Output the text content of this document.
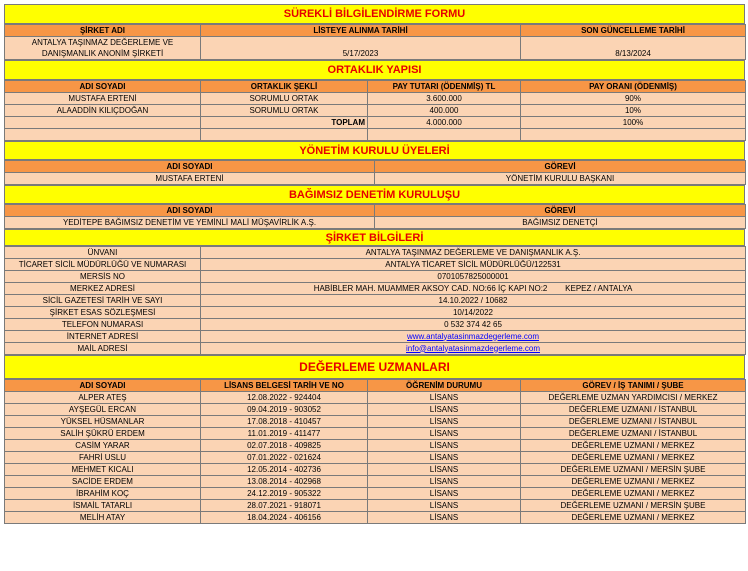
SÜREKLİ BİLGİLENDİRME FORMU
ŞİRKET ADI	LİSTEYE ALINMA TARİHİ	SON GÜNCELLEME TARİHİ
ANTALYA TAŞINMAZ DEĞERLEME VE
DANIŞMANLIK ANONİM ŞİRKETİ	5/17/2023	8/13/2024
ORTAKLIK YAPISI
ADI SOYADI	ORTAKLIK ŞEKLİ	PAY TUTARI (ÖDENMİŞ) TL	PAY ORANI (ÖDENMİŞ)
MUSTAFA ERTENİ	SORUMLU ORTAK	3.600.000	90%
ALAADDİN KILIÇDOĞAN	SORUMLU ORTAK	400.000	10%
	TOPLAM	4.000.000	100%

YÖNETİM KURULU ÜYELERİ
ADI SOYADI	GÖREVİ
MUSTAFA ERTENİ	YÖNETİM KURULU BAŞKANI
BAĞIMSIZ DENETİM KURULUŞU
ADI SOYADI	GÖREVİ
YEDİTEPE BAĞIMSIZ DENETİM VE YEMİNLİ MALİ MÜŞAVİRLİK A.Ş.	BAĞIMSIZ DENETÇİ
ŞİRKET BİLGİLERİ
ÜNVANI	ANTALYA TAŞINMAZ DEĞERLEME VE DANIŞMANLIK A.Ş.
TİCARET SİCİL MÜDÜRLÜĞÜ VE NUMARASI	ANTALYA TİCARET SİCİL MÜDÜRLÜĞÜ/122531
MERSİS NO	0701057825000001
MERKEZ ADRESİ	HABİBLER MAH. MUAMMER AKSOY CAD. NO:66 İÇ KAPI NO:2        KEPEZ / ANTALYA
SİCİL GAZETESİ TARİH VE SAYI	14.10.2022 / 10682
ŞİRKET ESAS SÖZLEŞMESİ	10/14/2022
TELEFON NUMARASI	0 532 374 42 65
İNTERNET ADRESİ	www.antalyatasinmazdegerleme.com
MAİL ADRESİ	info@antalyatasinmazdegerleme.com
DEĞERLEME UZMANLARI
ADI SOYADI	LİSANS BELGESİ TARİH VE NO	ÖĞRENİM DURUMU	GÖREV / İŞ TANIMI / ŞUBE
ALPER ATEŞ	12.08.2022 - 924404	LİSANS	DEĞERLEME UZMAN YARDIMCISI / MERKEZ
AYŞEGÜL ERCAN	09.04.2019 - 903052	LİSANS	DEĞERLEME UZMANI / İSTANBUL
YÜKSEL HÜSMANLAR	17.08.2018 - 410457	LİSANS	DEĞERLEME UZMANI / İSTANBUL
SALİH ŞÜKRÜ ERDEM	11.01.2019 - 411477	LİSANS	DEĞERLEME UZMANI / İSTANBUL
CASİM YARAR	02.07.2018 - 409825	LİSANS	DEĞERLEME UZMANI / MERKEZ
FAHRİ USLU	07.01.2022 - 021624	LİSANS	DEĞERLEME UZMANI / MERKEZ
MEHMET KICALI	12.05.2014 - 402736	LİSANS	DEĞERLEME UZMANI / MERSİN ŞUBE
SACİDE ERDEM	13.08.2014 - 402968	LİSANS	DEĞERLEME UZMANI / MERKEZ
İBRAHİM KOÇ	24.12.2019 - 905322	LİSANS	DEĞERLEME UZMANI / MERKEZ
İSMAİL TATARLI	28.07.2021 - 918071	LİSANS	DEĞERLEME UZMANI / MERSİN ŞUBE
MELİH ATAY	18.04.2024 - 406156	LİSANS	DEĞERLEME UZMANI / MERKEZ
